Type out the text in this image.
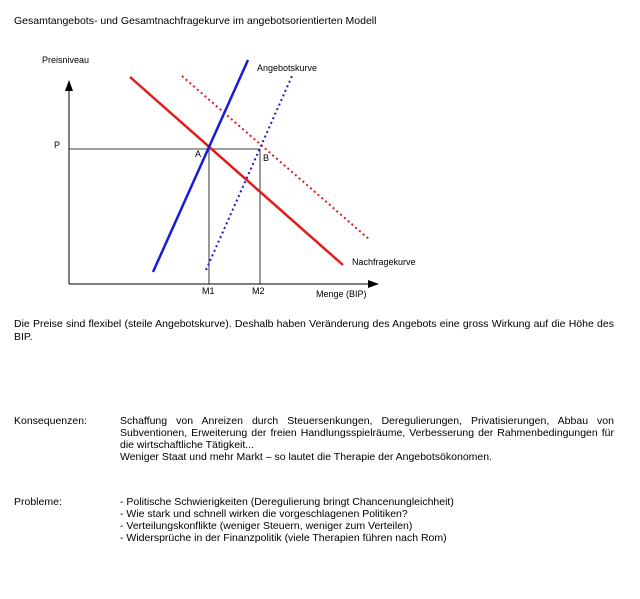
Gesamtangebots- und Gesamtnachfragekurve im angebotsorientierten Modell
Preisniveau
P
A	B
Angebotskurve
Nachfragekurve
M1	M2	Menge (BIP)
Die Preise sind flexibel (steile Angebotskurve). Deshalb haben Veränderung des Angebots eine gross Wirkung auf die Höhe des BIP.
Konsequenzen:	Schaffung von Anreizen durch Steuersenkungen, Deregulierungen, Privatisierungen, Abbau von Subventionen, Erweiterung der freien Handlungsspielräume, Verbesserung der Rahmenbedingungen für die wirtschaftliche Tätigkeit...

Weniger Staat und mehr Markt – so lautet die Therapie der Angebotsökonomen.

Probleme:	- Politische Schwierigkeiten (Deregulierung bringt Chancenungleichheit)
- Wie stark und schnell wirken die vorgeschlagenen Politiken?
- Verteilungskonflikte (weniger Steuern, weniger zum Verteilen)
- Widersprüche in der Finanzpolitik (viele Therapien führen nach Rom)
